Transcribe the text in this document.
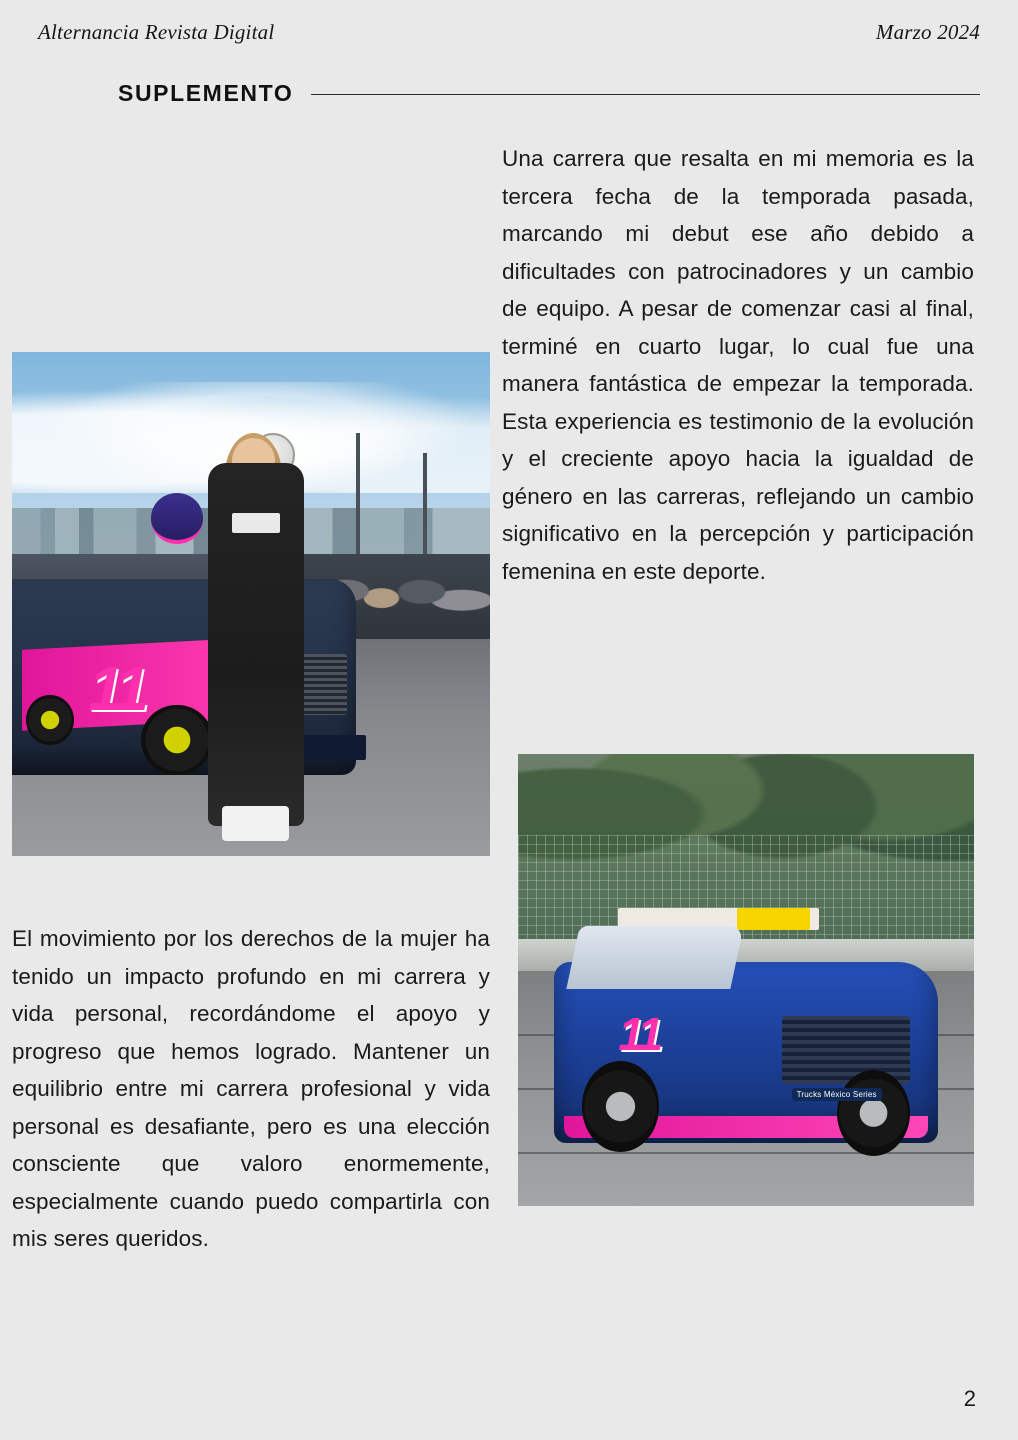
Alternancia Revista Digital	Marzo 2024
SUPLEMENTO

Una carrera que resalta en mi memoria es la tercera fecha de la temporada pasada, marcando mi debut ese año debido a dificultades con patrocinadores y un cambio de equipo. A pesar de comenzar casi al final, terminé en cuarto lugar, lo cual fue una manera fantástica de empezar la temporada. Esta experiencia es testimonio de la evolución y el creciente apoyo hacia la igualdad de género en las carreras, reflejando un cambio significativo en la percepción y participación femenina en este deporte.

11

El movimiento por los derechos de la mujer ha tenido un impacto profundo en mi carrera y vida personal, recordándome el apoyo y progreso que hemos logrado. Mantener un equilibrio entre mi carrera profesional y vida personal es desafiante, pero es una elección consciente que valoro enormemente, especialmente cuando puedo compartirla con mis seres queridos.

11
Trucks México Series
2
